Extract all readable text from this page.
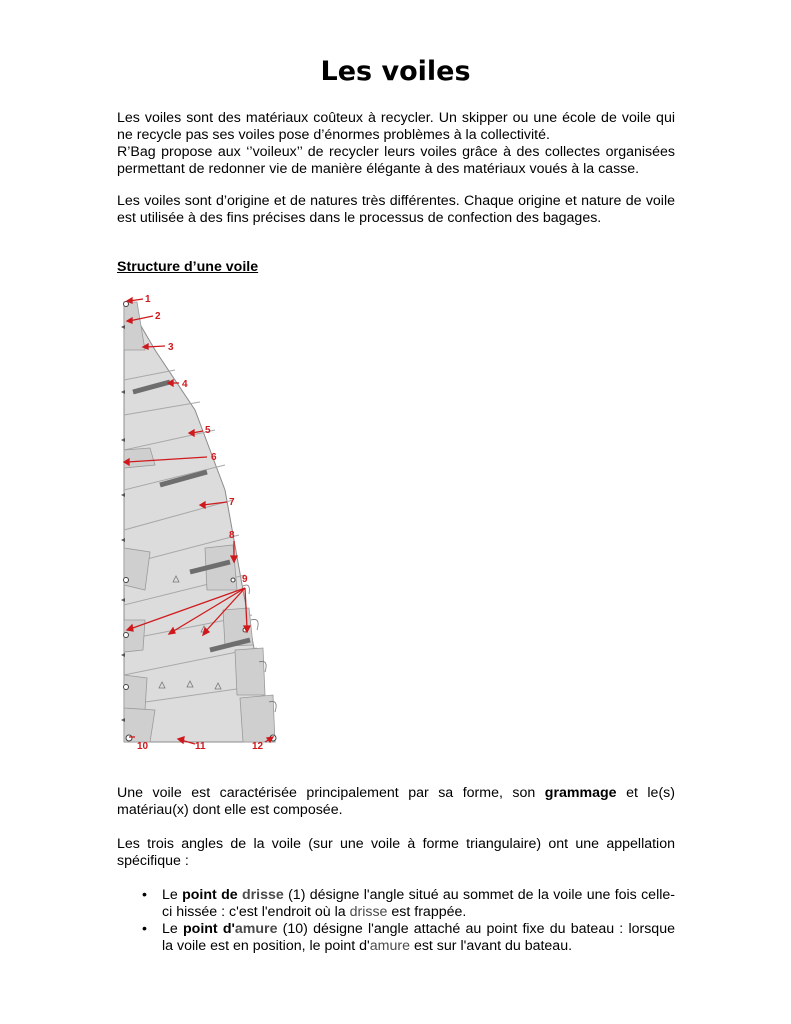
Les voiles
Les voiles sont des matériaux coûteux à recycler. Un skipper ou une école de voile qui
ne recycle pas ses voiles pose d’énormes problèmes à la collectivité.
R’Bag propose aux ‘’voileux’’ de recycler leurs voiles grâce à des collectes organisées
permettant de redonner vie de manière élégante à des matériaux voués à la casse.
Les voiles sont d’origine et de natures très différentes. Chaque origine et nature de voile
est utilisée à des fins précises dans le processus de confection des bagages.
Structure d’une voile
1
2
3
4
5
6
7
8
9
10	11	12
Une voile est caractérisée principalement par sa forme, son grammage et le(s)
matériau(x) dont elle est composée.
Les trois angles de la voile (sur une voile à forme triangulaire) ont une appellation
spécifique :
• Le point de drisse (1) désigne l'angle situé au sommet de la voile une fois celle-
ci hissée : c'est l'endroit où la drisse est frappée.
• Le point d'amure (10) désigne l'angle attaché au point fixe du bateau : lorsque
la voile est en position, le point d'amure est sur l'avant du bateau.
